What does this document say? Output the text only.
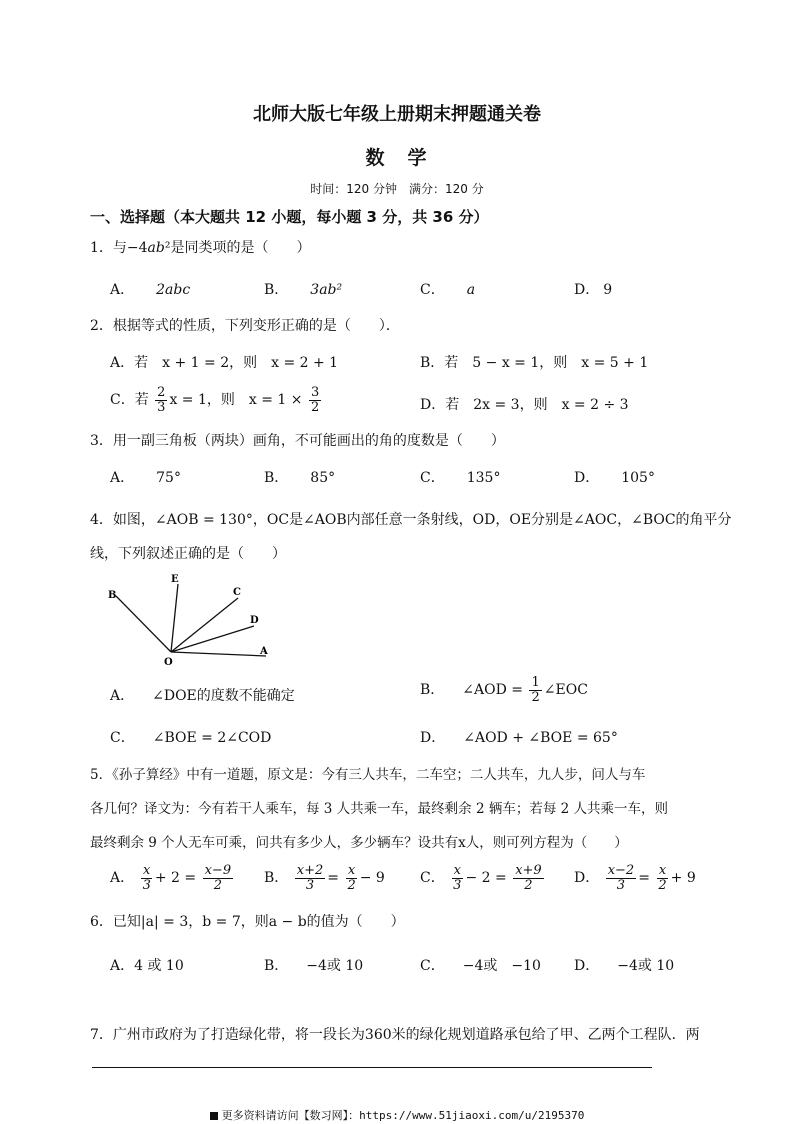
北师大版七年级上册期末押题通关卷
数　学
时间：120 分钟　满分：120 分
一、选择题（本大题共 12 小题，每小题 3 分，共 36 分）
1．与−4ab²是同类项的是（　　）
A． 2abc	B． 3ab²	C． a	D． 9
2．根据等式的性质，下列变形正确的是（　　）．
A．若　x + 1 = 2，则　x = 2 + 1	B．若　5 − x = 1，则　x = 5 + 1
C．若 $\frac{2}{3}$ x = 1，则　$x = 1 \times \frac{3}{2}$	D．若　2x = 3，则　x = 2 ÷ 3
3．用一副三角板（两块）画角，不可能画出的角的度数是（　　）
A． 75°	B． 85°	C． 135°	D． 105°
4．如图，∠AOB = 130°，OC是∠AOB内部任意一条射线，OD，OE分别是∠AOC，∠BOC的角平分
线，下列叙述正确的是（　　）
A
B	C
D
E
O
A． ∠DOE的度数不能确定	B． ∠AOD = $\frac{1}{2}$ ∠EOC
C． ∠BOE = 2∠COD	D． ∠AOD + ∠BOE = 65°
5．《孙子算经》中有一道题，原文是：今有三人共车，二车空；二人共车，九人步，问人与车
各几何？译文为：今有若干人乘车，每 3 人共乘一车，最终剩余 2 辆车；若每 2 人共乘一车，则
最终剩余 9 个人无车可乘，问共有多少人，多少辆车？设共有x人，则可列方程为（　　）
A． $\frac{x}{3} + 2 = \frac{x-9}{2}$ B． $\frac{x+2}{3} = \frac{x}{2} - 9$	C． $\frac{x}{3} - 2 = \frac{x+9}{2}$ D． $\frac{x-2}{3} = \frac{x}{2} + 9$
6．已知|a| = 3，b = 7，则a − b的值为（　　）
A．4 或 10	B． −4或 10	C． −4或　−10 D． −4或 10
7．广州市政府为了打造绿化带，将一段长为360米的绿化规划道路承包给了甲、乙两个工程队．两
更多资料请访问【数习网】：https://www.51jiaoxi.com/u/2195370
